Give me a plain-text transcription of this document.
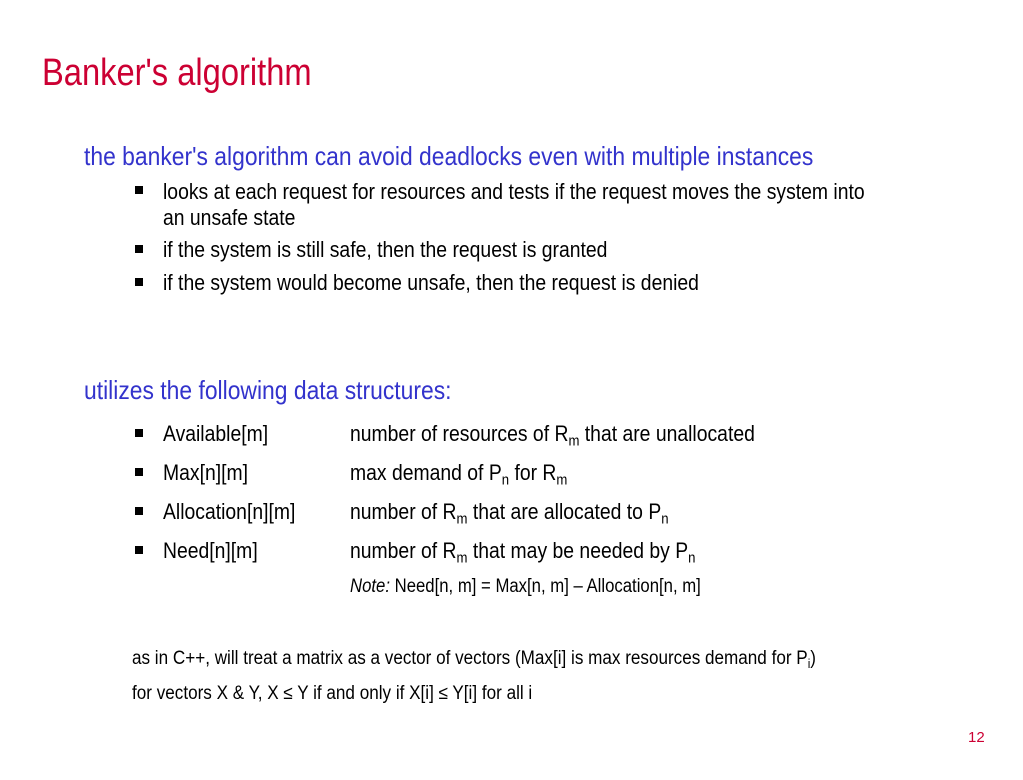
Banker's algorithm

the banker's algorithm can avoid deadlocks even with multiple instances

looks at each request for resources and tests if the request moves the system into

an unsafe state

if the system is still safe, then the request is granted

if the system would become unsafe, then the request is denied

utilizes the following data structures:

Available[m]	number of resources of $R_m$ that are unallocated

Max[n][m]	max demand of $P_n$ for $R_m$

Allocation[n][m] number of $R_m$ that are allocated to $P_n$

Need[n][m]	number of $R_m$ that may be needed by $P_n$

Note: Need[n, m] = Max[n, m] – Allocation[n, m]

as in C++, will treat a matrix as a vector of vectors (Max[i] is max resources demand for $P_i$)

for vectors X & Y, X ≤ Y if and only if X[i] ≤ Y[i] for all i

12
